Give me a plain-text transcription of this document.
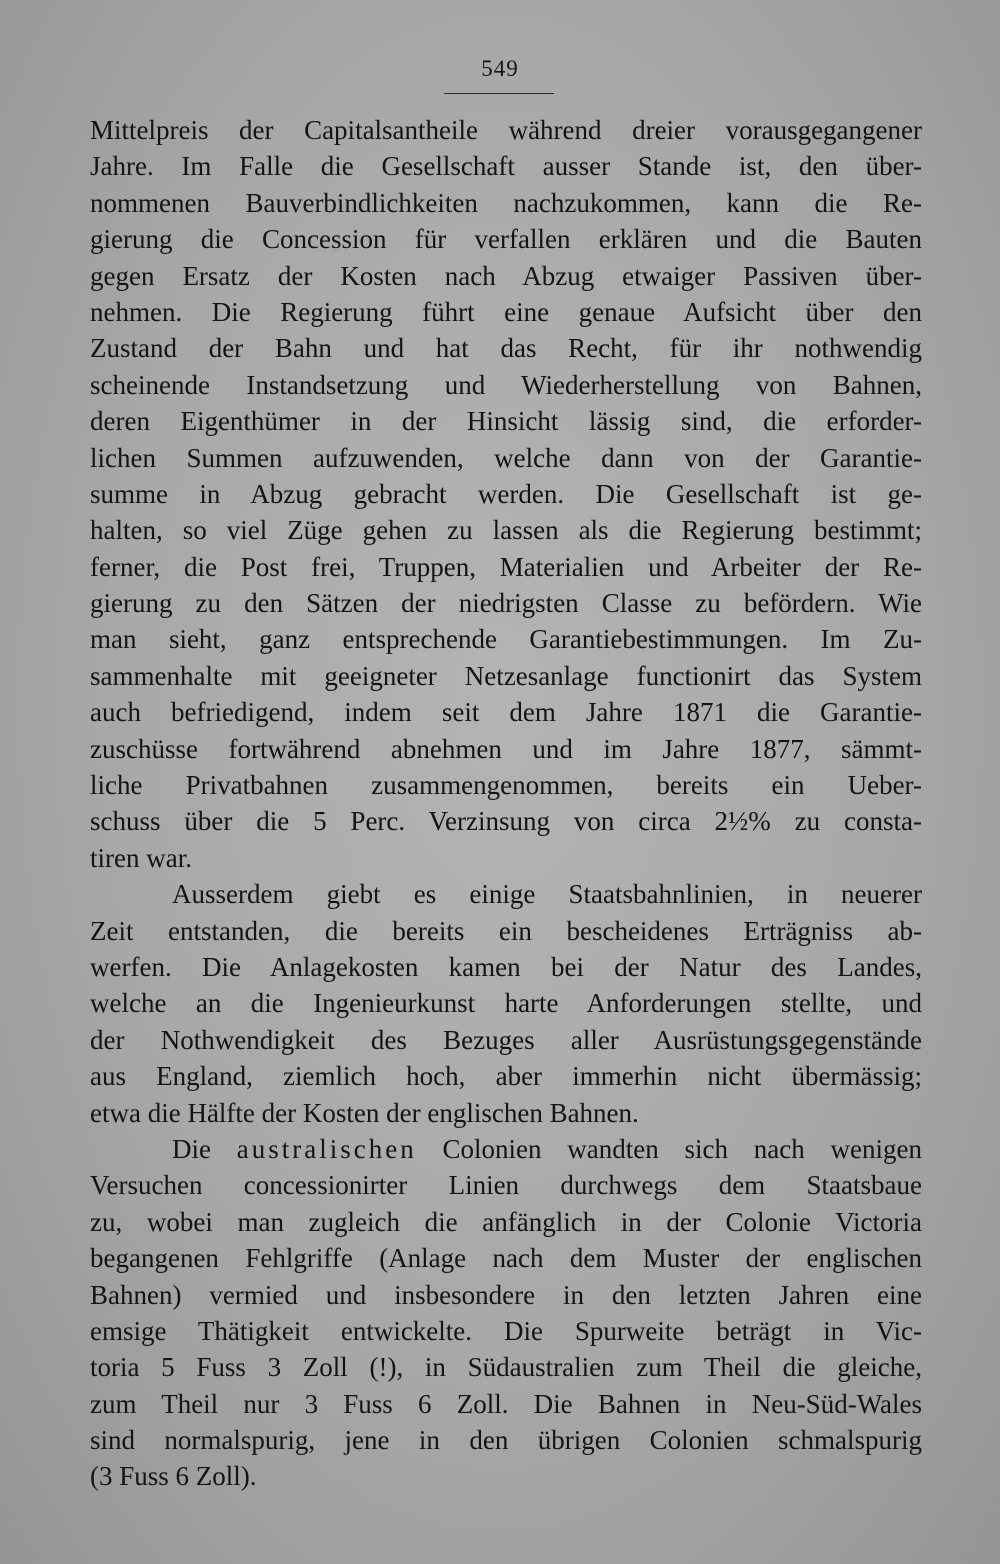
549
Mittelpreis der Capitalsantheile während dreier vorausgegangener
Jahre. Im Falle die Gesellschaft ausser Stande ist, den über-
nommenen Bauverbindlichkeiten nachzukommen, kann die Re-
gierung die Concession für verfallen erklären und die Bauten
gegen Ersatz der Kosten nach Abzug etwaiger Passiven über-
nehmen. Die Regierung führt eine genaue Aufsicht über den
Zustand der Bahn und hat das Recht, für ihr nothwendig
scheinende Instandsetzung und Wiederherstellung von Bahnen,
deren Eigenthümer in der Hinsicht lässig sind, die erforder-
lichen Summen aufzuwenden, welche dann von der Garantie-
summe in Abzug gebracht werden. Die Gesellschaft ist ge-
halten, so viel Züge gehen zu lassen als die Regierung bestimmt;
ferner, die Post frei, Truppen, Materialien und Arbeiter der Re-
gierung zu den Sätzen der niedrigsten Classe zu befördern. Wie
man sieht, ganz entsprechende Garantiebestimmungen. Im Zu-
sammenhalte mit geeigneter Netzesanlage functionirt das System
auch befriedigend, indem seit dem Jahre 1871 die Garantie-
zuschüsse fortwährend abnehmen und im Jahre 1877, sämmt-
liche Privatbahnen zusammengenommen, bereits ein Ueber-
schuss über die 5 Perc. Verzinsung von circa 2½% zu consta-
tiren war.
Ausserdem giebt es einige Staatsbahnlinien, in neuerer
Zeit entstanden, die bereits ein bescheidenes Erträgniss ab-
werfen. Die Anlagekosten kamen bei der Natur des Landes,
welche an die Ingenieurkunst harte Anforderungen stellte, und
der Nothwendigkeit des Bezuges aller Ausrüstungsgegenstände
aus England, ziemlich hoch, aber immerhin nicht übermässig;
etwa die Hälfte der Kosten der englischen Bahnen.
Die australischen Colonien wandten sich nach wenigen
Versuchen concessionirter Linien durchwegs dem Staatsbaue
zu, wobei man zugleich die anfänglich in der Colonie Victoria
begangenen Fehlgriffe (Anlage nach dem Muster der englischen
Bahnen) vermied und insbesondere in den letzten Jahren eine
emsige Thätigkeit entwickelte. Die Spurweite beträgt in Vic-
toria 5 Fuss 3 Zoll (!), in Südaustralien zum Theil die gleiche,
zum Theil nur 3 Fuss 6 Zoll. Die Bahnen in Neu-Süd-Wales
sind normalspurig, jene in den übrigen Colonien schmalspurig
(3 Fuss 6 Zoll).
